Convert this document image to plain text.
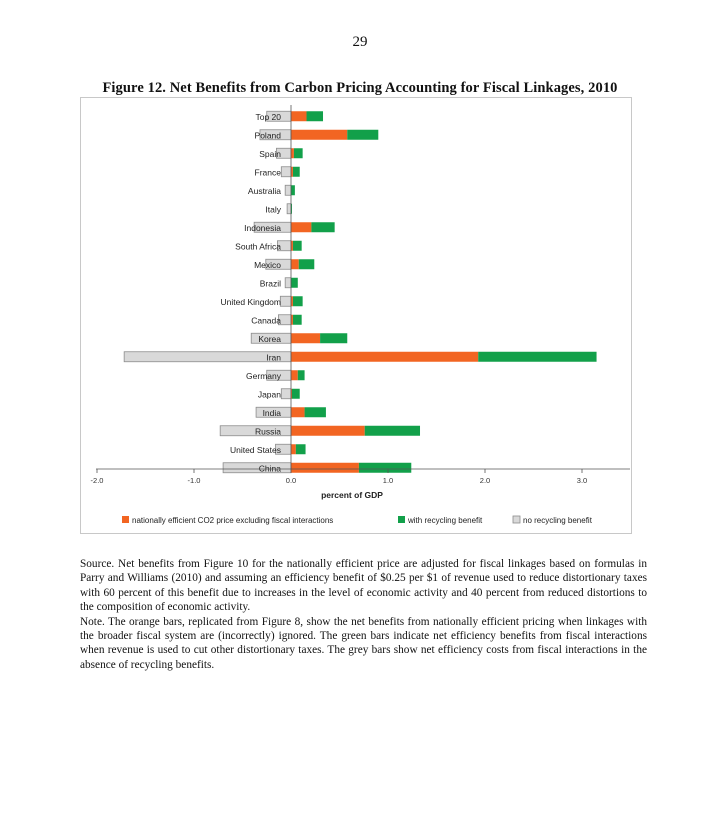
29
Figure 12. Net Benefits from Carbon Pricing Accounting for Fiscal Linkages, 2010
Top 20
Poland
Spain
France
Australia
Italy
Indonesia
South Africa
Mexico
Brazil
United Kingdom
Canada
Korea
Iran
Germany
Japan
India
Russia
United States
China
-2.0	-1.0	0.0	1.0	2.0	3.0
percent of GDP
nationally efficient CO2 price excluding fiscal interactions	with recycling benefit	no recycling benefit

Source. Net benefits from Figure 10 for the nationally efficient price are adjusted for fiscal linkages based on formulas in Parry and Williams (2010) and assuming an efficiency benefit of $0.25 per $1 of revenue used to reduce distortionary taxes with 60 percent of this benefit due to increases in the level of economic activity and 40 percent from reduced distortions to the composition of economic activity.

Note. The orange bars, replicated from Figure 8, show the net benefits from nationally efficient pricing when linkages with the broader fiscal system are (incorrectly) ignored. The green bars indicate net efficiency benefits from fiscal interactions when revenue is used to cut other distortionary taxes. The grey bars show net efficiency costs from fiscal interactions in the absence of recycling benefits.
